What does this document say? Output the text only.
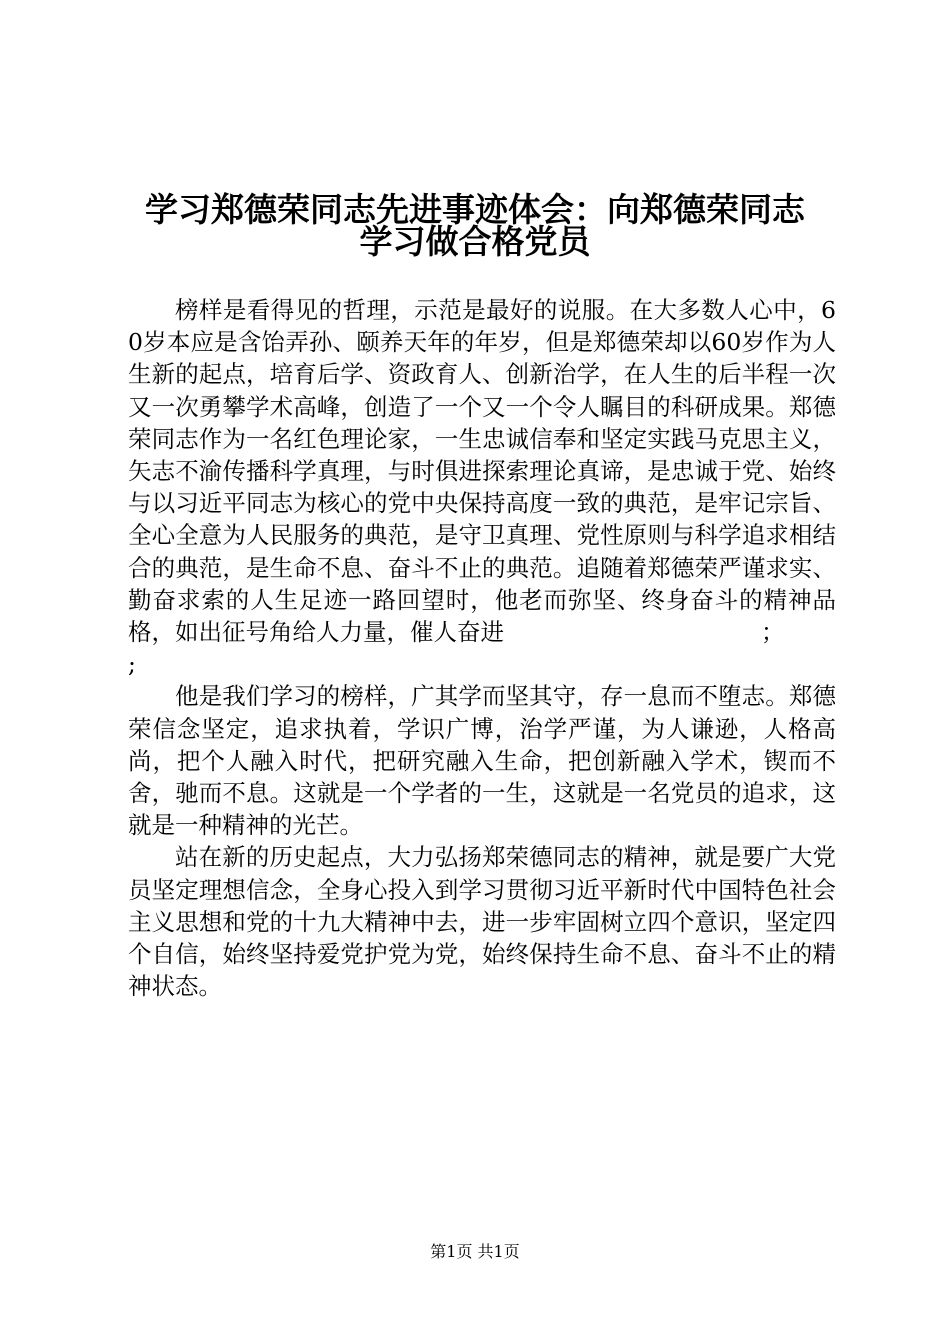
学习郑德荣同志先进事迹体会：向郑德荣同志
学习做合格党员

榜样是看得见的哲理，示范是最好的说服。在大多数人心中，60岁本应是含饴弄孙、颐养天年的年岁，但是郑德荣却以60岁作为人生新的起点，培育后学、资政育人、创新治学，在人生的后半程一次又一次勇攀学术高峰，创造了一个又一个令人瞩目的科研成果。郑德荣同志作为一名红色理论家，一生忠诚信奉和坚定实践马克思主义，矢志不渝传播科学真理，与时俱进探索理论真谛，是忠诚于党、始终与以习近平同志为核心的党中央保持高度一致的典范，是牢记宗旨、全心全意为人民服务的典范，是守卫真理、党性原则与科学追求相结合的典范，是生命不息、奋斗不止的典范。追随着郑德荣严谨求实、勤奋求索的人生足迹一路回望时，他老而弥坚、终身奋斗的精神品格，如出征号角给人力量，催人奋进	；

;

他是我们学习的榜样，广其学而坚其守，存一息而不堕志。郑德荣信念坚定，追求执着，学识广博，治学严谨，为人谦逊，人格高尚，把个人融入时代，把研究融入生命，把创新融入学术，锲而不舍，驰而不息。这就是一个学者的一生，这就是一名党员的追求，这就是一种精神的光芒。

站在新的历史起点，大力弘扬郑荣德同志的精神，就是要广大党员坚定理想信念，全身心投入到学习贯彻习近平新时代中国特色社会主义思想和党的十九大精神中去，进一步牢固树立四个意识，坚定四个自信，始终坚持爱党护党为党，始终保持生命不息、奋斗不止的精神状态。

第1页 共1页
